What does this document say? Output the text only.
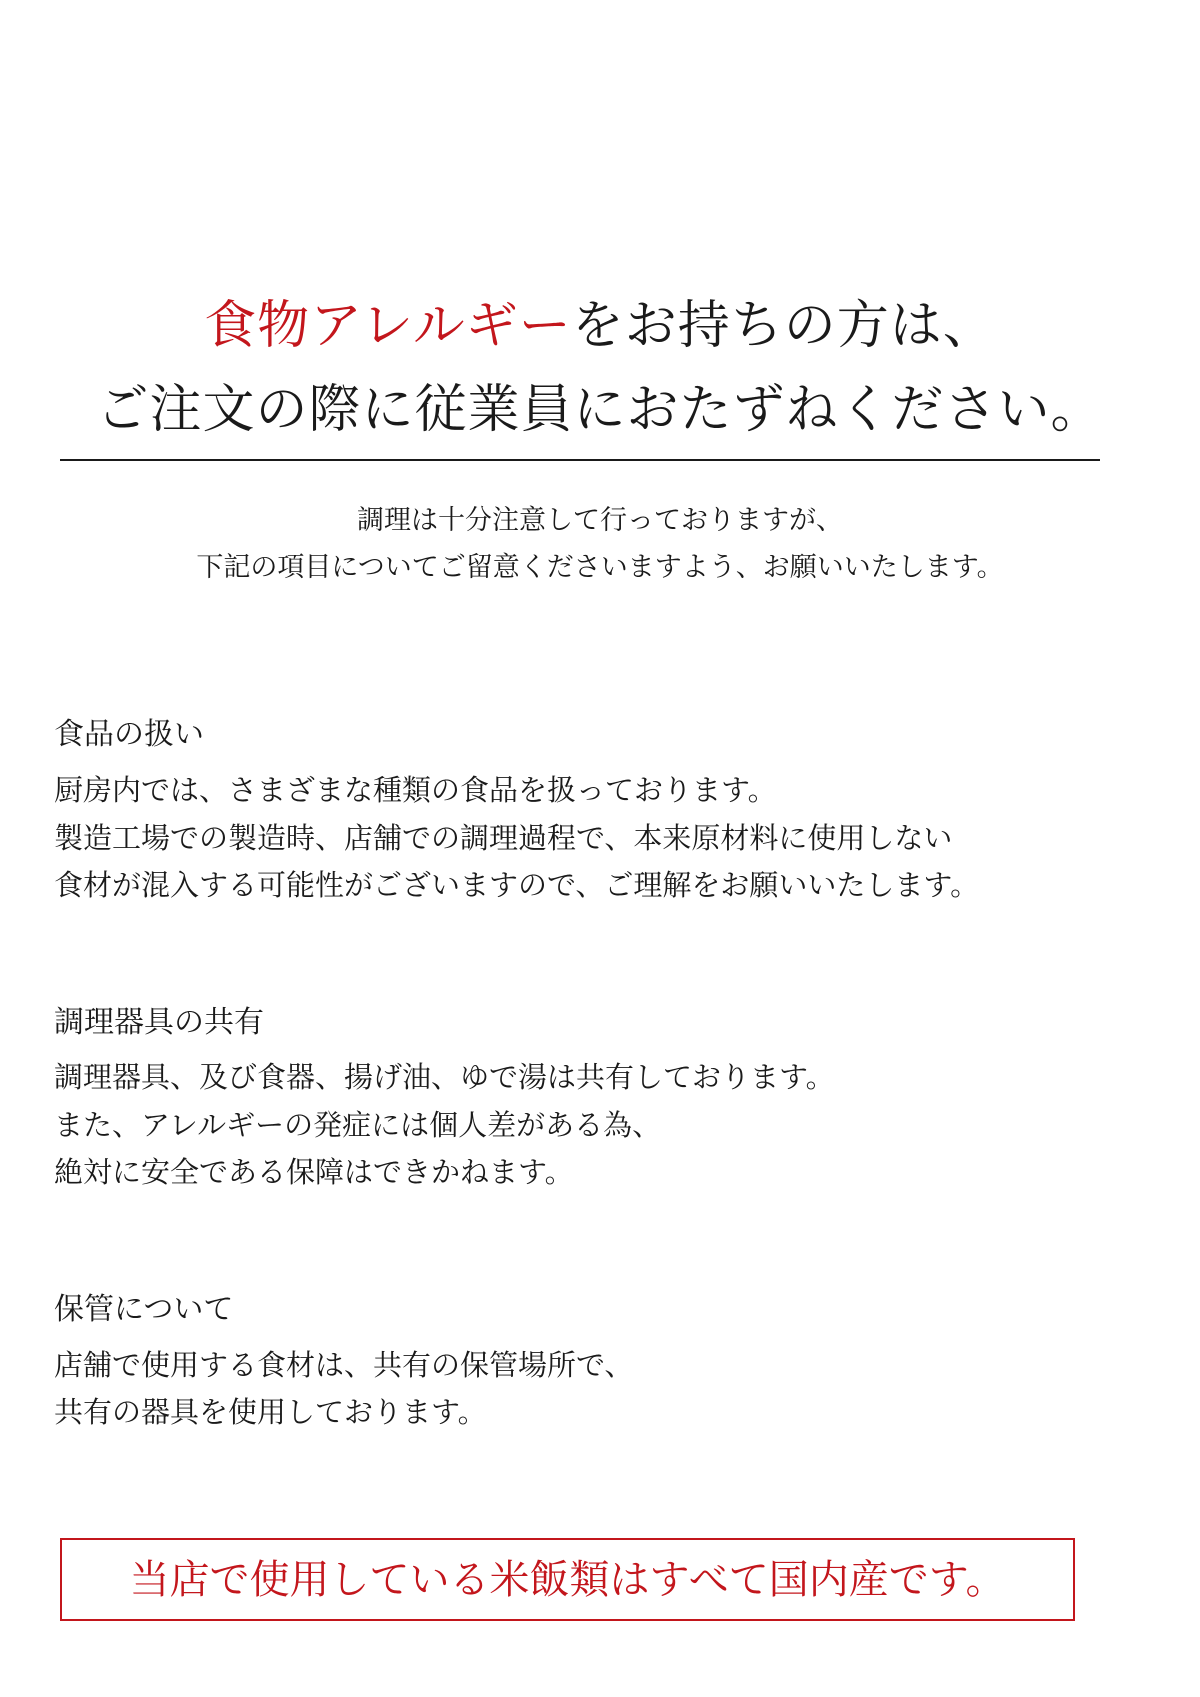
食物アレルギーをお持ちの方は、
ご注文の際に従業員におたずねください。
調理は十分注意して行っておりますが、
下記の項目についてご留意くださいますよう、お願いいたします。
食品の扱い
厨房内では、さまざまな種類の食品を扱っております。
製造工場での製造時、店舗での調理過程で、本来原材料に使用しない
食材が混入する可能性がございますので、ご理解をお願いいたします。
調理器具の共有
調理器具、及び食器、揚げ油、ゆで湯は共有しております。
また、アレルギーの発症には個人差がある為、
絶対に安全である保障はできかねます。
保管について
店舗で使用する食材は、共有の保管場所で、
共有の器具を使用しております。
当店で使用している米飯類はすべて国内産です。
